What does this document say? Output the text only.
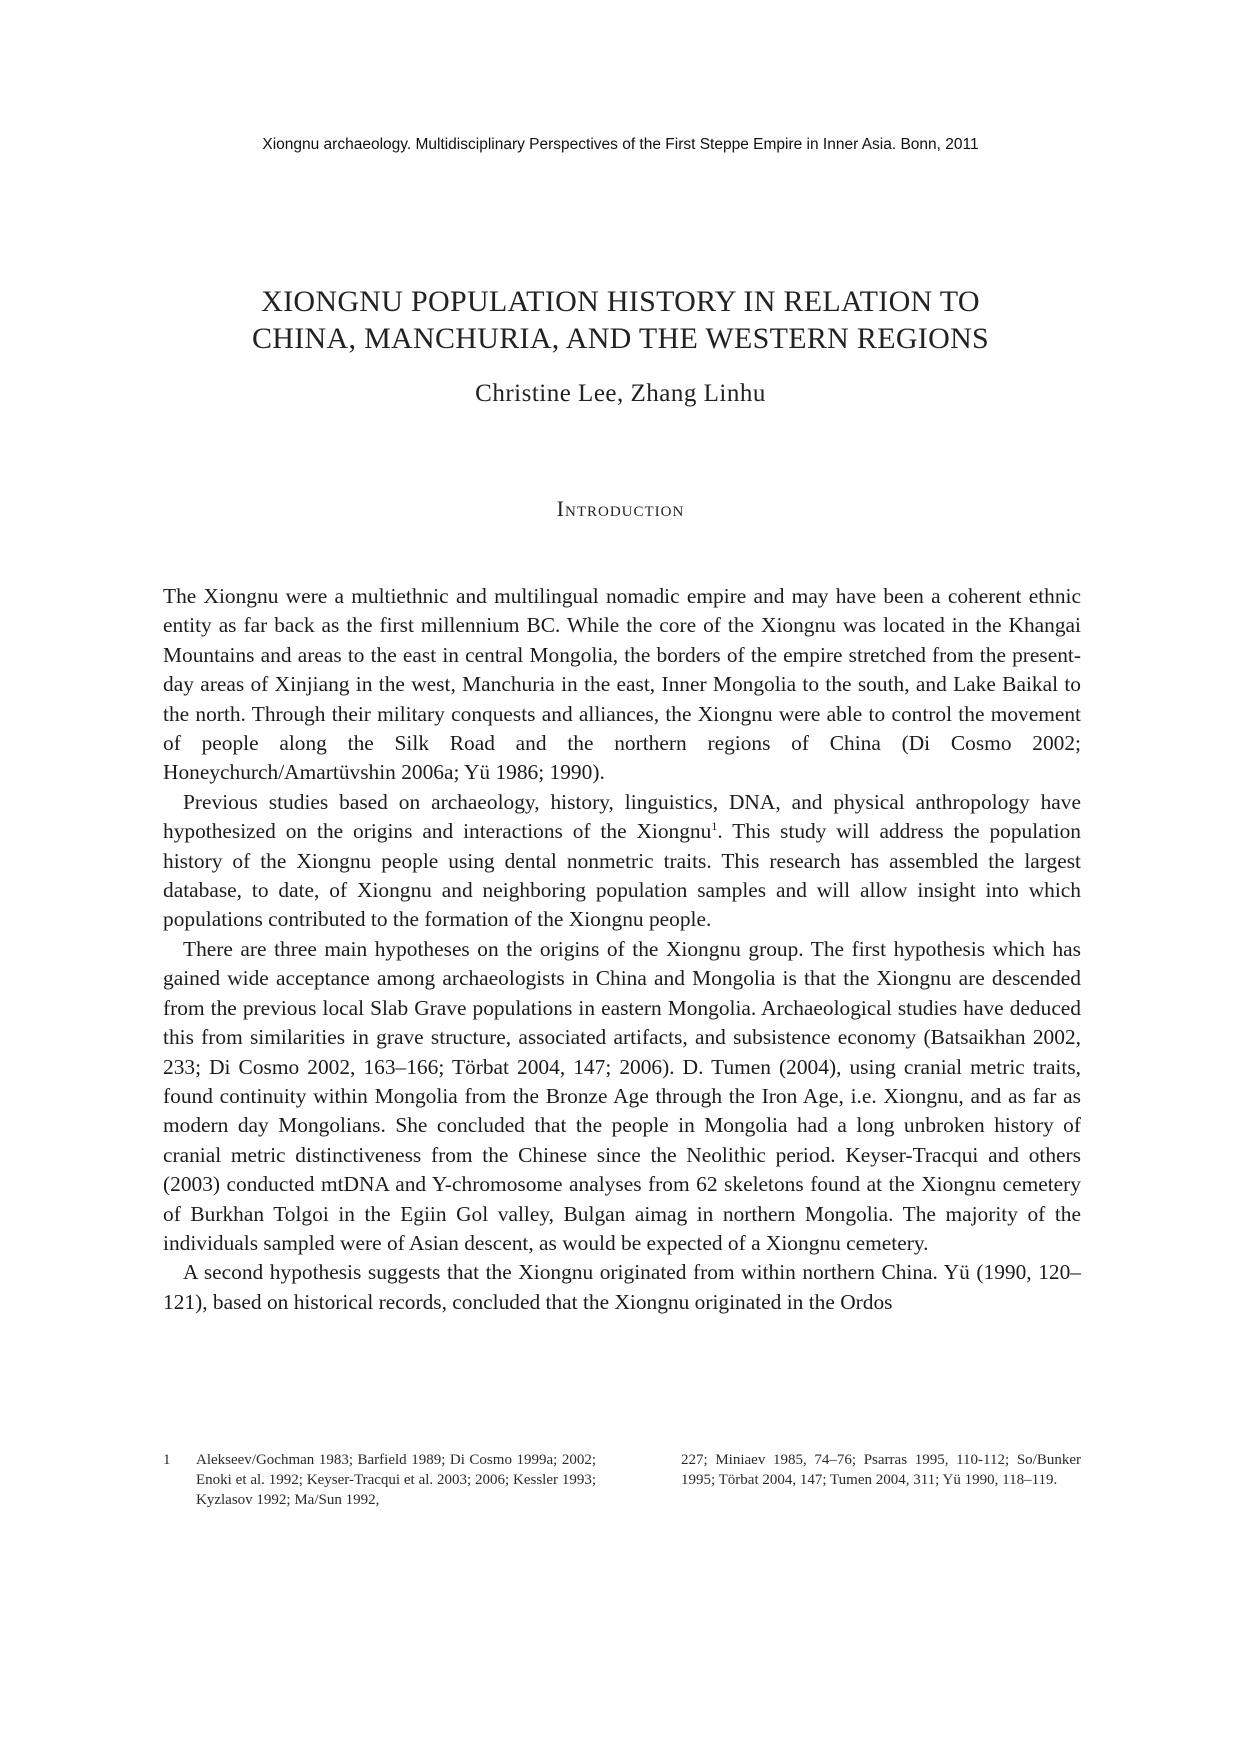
Xiongnu archaeology. Multidisciplinary Perspectives of the First Steppe Empire in Inner Asia. Bonn, 2011
XIONGNU POPULATION HISTORY IN RELATION TO
CHINA, MANCHURIA, AND THE WESTERN REGIONS
Christine Lee, Zhang Linhu
Introduction

The Xiongnu were a multiethnic and multilingual nomadic empire and may have been a coherent ethnic entity as far back as the first millennium BC. While the core of the Xiongnu was located in the Khangai Mountains and areas to the east in central Mongolia, the borders of the empire stretched from the present-day areas of Xinjiang in the west, Manchuria in the east, Inner Mongolia to the south, and Lake Baikal to the north. Through their military conquests and alliances, the Xiongnu were able to control the movement of people along the Silk Road and the northern regions of China (Di Cosmo 2002; Honeychurch/Amartüvshin 2006a; Yü 1986; 1990).

Previous studies based on archaeology, history, linguistics, DNA, and physical anthropology have hypothesized on the origins and interactions of the Xiongnu$^1$. This study will address the population history of the Xiongnu people using dental nonmetric traits. This research has assembled the largest database, to date, of Xiongnu and neighboring population samples and will allow insight into which populations contributed to the formation of the Xiongnu people.

There are three main hypotheses on the origins of the Xiongnu group. The first hypothesis which has gained wide acceptance among archaeologists in China and Mongolia is that the Xiongnu are descended from the previous local Slab Grave populations in eastern Mongolia. Archaeological studies have deduced this from similarities in grave structure, associated artifacts, and subsistence economy (Batsaikhan 2002, 233; Di Cosmo 2002, 163–166; Törbat 2004, 147; 2006). D. Tumen (2004), using cranial metric traits, found continuity within Mongolia from the Bronze Age through the Iron Age, i.e. Xiongnu, and as far as modern day Mongolians. She concluded that the people in Mongolia had a long unbroken history of cranial metric distinctiveness from the Chinese since the Neolithic period. Keyser-Tracqui and others (2003) conducted mtDNA and Y-chromosome analyses from 62 skeletons found at the Xiongnu cemetery of Burkhan Tolgoi in the Egiin Gol valley, Bulgan aimag in northern Mongolia. The majority of the individuals sampled were of Asian descent, as would be expected of a Xiongnu cemetery.

A second hypothesis suggests that the Xiongnu originated from within northern China. Yü (1990, 120–121), based on historical records, concluded that the Xiongnu originated in the Ordos

1 Alekseev/Gochman 1983; Barfield 1989; Di Cosmo 1999a; 2002; Enoki et al. 1992; Keyser-Tracqui et al. 2003; 2006; Kessler 1993; Kyzlasov 1992; Ma/Sun 1992,
227; Miniaev 1985, 74–76; Psarras 1995, 110-112; So/Bunker 1995; Törbat 2004, 147; Tumen 2004, 311; Yü 1990, 118–119.
